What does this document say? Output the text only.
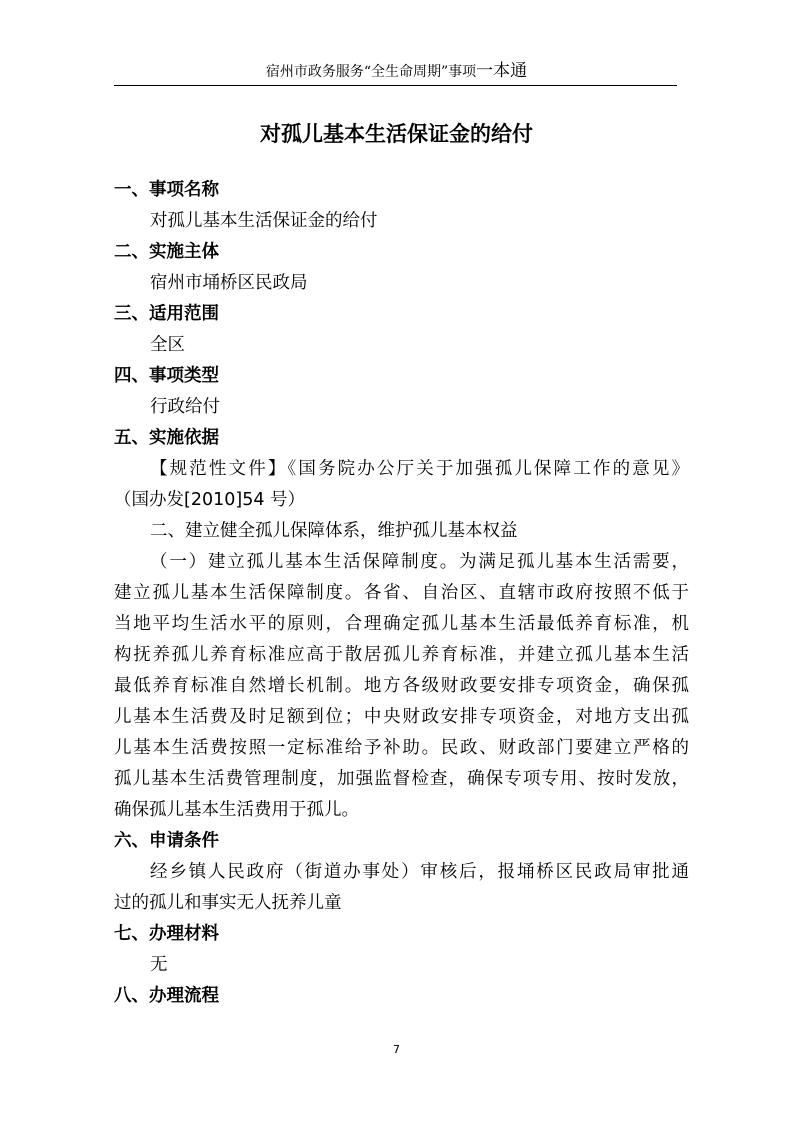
宿州市政务服务“全生命周期”事项一本通
对孤儿基本生活保证金的给付
一、事项名称
对孤儿基本生活保证金的给付
二、实施主体
宿州市埇桥区民政局
三、适用范围
全区
四、事项类型
行政给付
五、实施依据
【规范性文件】《国务院办公厅关于加强孤儿保障工作的意见》
（国办发[2010]54 号）
二、建立健全孤儿保障体系，维护孤儿基本权益
（一）建立孤儿基本生活保障制度。为满足孤儿基本生活需要，
建立孤儿基本生活保障制度。各省、自治区、直辖市政府按照不低于
当地平均生活水平的原则，合理确定孤儿基本生活最低养育标准，机
构抚养孤儿养育标准应高于散居孤儿养育标准，并建立孤儿基本生活
最低养育标准自然增长机制。地方各级财政要安排专项资金，确保孤
儿基本生活费及时足额到位；中央财政安排专项资金，对地方支出孤
儿基本生活费按照一定标准给予补助。民政、财政部门要建立严格的
孤儿基本生活费管理制度，加强监督检查，确保专项专用、按时发放，
确保孤儿基本生活费用于孤儿。
六、申请条件
经乡镇人民政府（街道办事处）审核后，报埇桥区民政局审批通
过的孤儿和事实无人抚养儿童
七、办理材料
无
八、办理流程
7
